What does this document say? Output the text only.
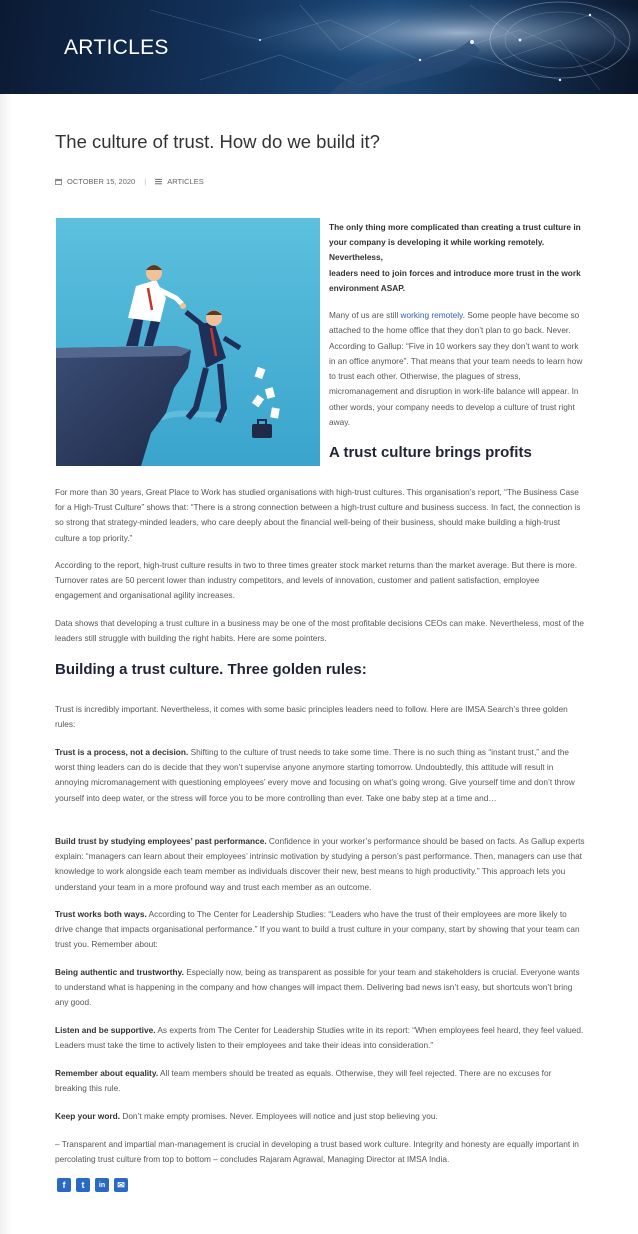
ARTICLES
The culture of trust. How do we build it?
OCTOBER 15, 2020 |	ARTICLES
The only thing more complicated than creating a trust culture in your company is developing it while working remotely. Nevertheless,
leaders need to join forces and introduce more trust in the work environment ASAP.

Many of us are still working remotely. Some people have become so attached to the home office that they don’t plan to go back. Never. According to Gallup: “Five in 10 workers say they don’t want to work in an office anymore”. That means that your team needs to learn how to trust each other. Otherwise, the plagues of stress, micromanagement and disruption in work-life balance will appear. In other words, your company needs to develop a culture of trust right away.

A trust culture brings profits

For more than 30 years, Great Place to Work has studied organisations with high-trust cultures. This organisation’s report, “The Business Case for a High-Trust Culture” shows that: “There is a strong connection between a high-trust culture and business success. In fact, the connection is so strong that strategy-minded leaders, who care deeply about the financial well-being of their business, should make building a high-trust culture a top priority.”

According to the report, high-trust culture results in two to three times greater stock market returns than the market average. But there is more. Turnover rates are 50 percent lower than industry competitors, and levels of innovation, customer and patient satisfaction, employee engagement and organisational agility increases.

Data shows that developing a trust culture in a business may be one of the most profitable decisions CEOs can make. Nevertheless, most of the leaders still struggle with building the right habits. Here are some pointers.

Building a trust culture. Three golden rules:

Trust is incredibly important. Nevertheless, it comes with some basic principles leaders need to follow. Here are IMSA Search’s three golden rules:

Trust is a process, not a decision. Shifting to the culture of trust needs to take some time. There is no such thing as “instant trust,” and the worst thing leaders can do is decide that they won’t supervise anyone anymore starting tomorrow. Undoubtedly, this attitude will result in annoying micromanagement with questioning employees’ every move and focusing on what’s going wrong. Give yourself time and don’t throw yourself into deep water, or the stress will force you to be more controlling than ever. Take one baby step at a time and…

Build trust by studying employees’ past performance. Confidence in your worker’s performance should be based on facts. As Gallup experts explain: “managers can learn about their employees’ intrinsic motivation by studying a person’s past performance. Then, managers can use that knowledge to work alongside each team member as individuals discover their new, best means to high productivity.” This approach lets you understand your team in a more profound way and trust each member as an outcome.

Trust works both ways. According to The Center for Leadership Studies: “Leaders who have the trust of their employees are more likely to drive change that impacts organisational performance.” If you want to build a trust culture in your company, start by showing that your team can trust you. Remember about:

Being authentic and trustworthy. Especially now, being as transparent as possible for your team and stakeholders is crucial. Everyone wants to understand what is happening in the company and how changes will impact them. Delivering bad news isn’t easy, but shortcuts won’t bring any good.

Listen and be supportive. As experts from The Center for Leadership Studies write in its report: “When employees feel heard, they feel valued. Leaders must take the time to actively listen to their employees and take their ideas into consideration.”

Remember about equality. All team members should be treated as equals. Otherwise, they will feel rejected. There are no excuses for breaking this rule.

Keep your word. Don’t make empty promises. Never. Employees will notice and just stop believing you.

– Transparent and impartial man-management is crucial in developing a trust based work culture. Integrity and honesty are equally important in percolating trust culture from top to bottom – concludes Rajaram Agrawal, Managing Director at IMSA India.

f	t	in	✉
